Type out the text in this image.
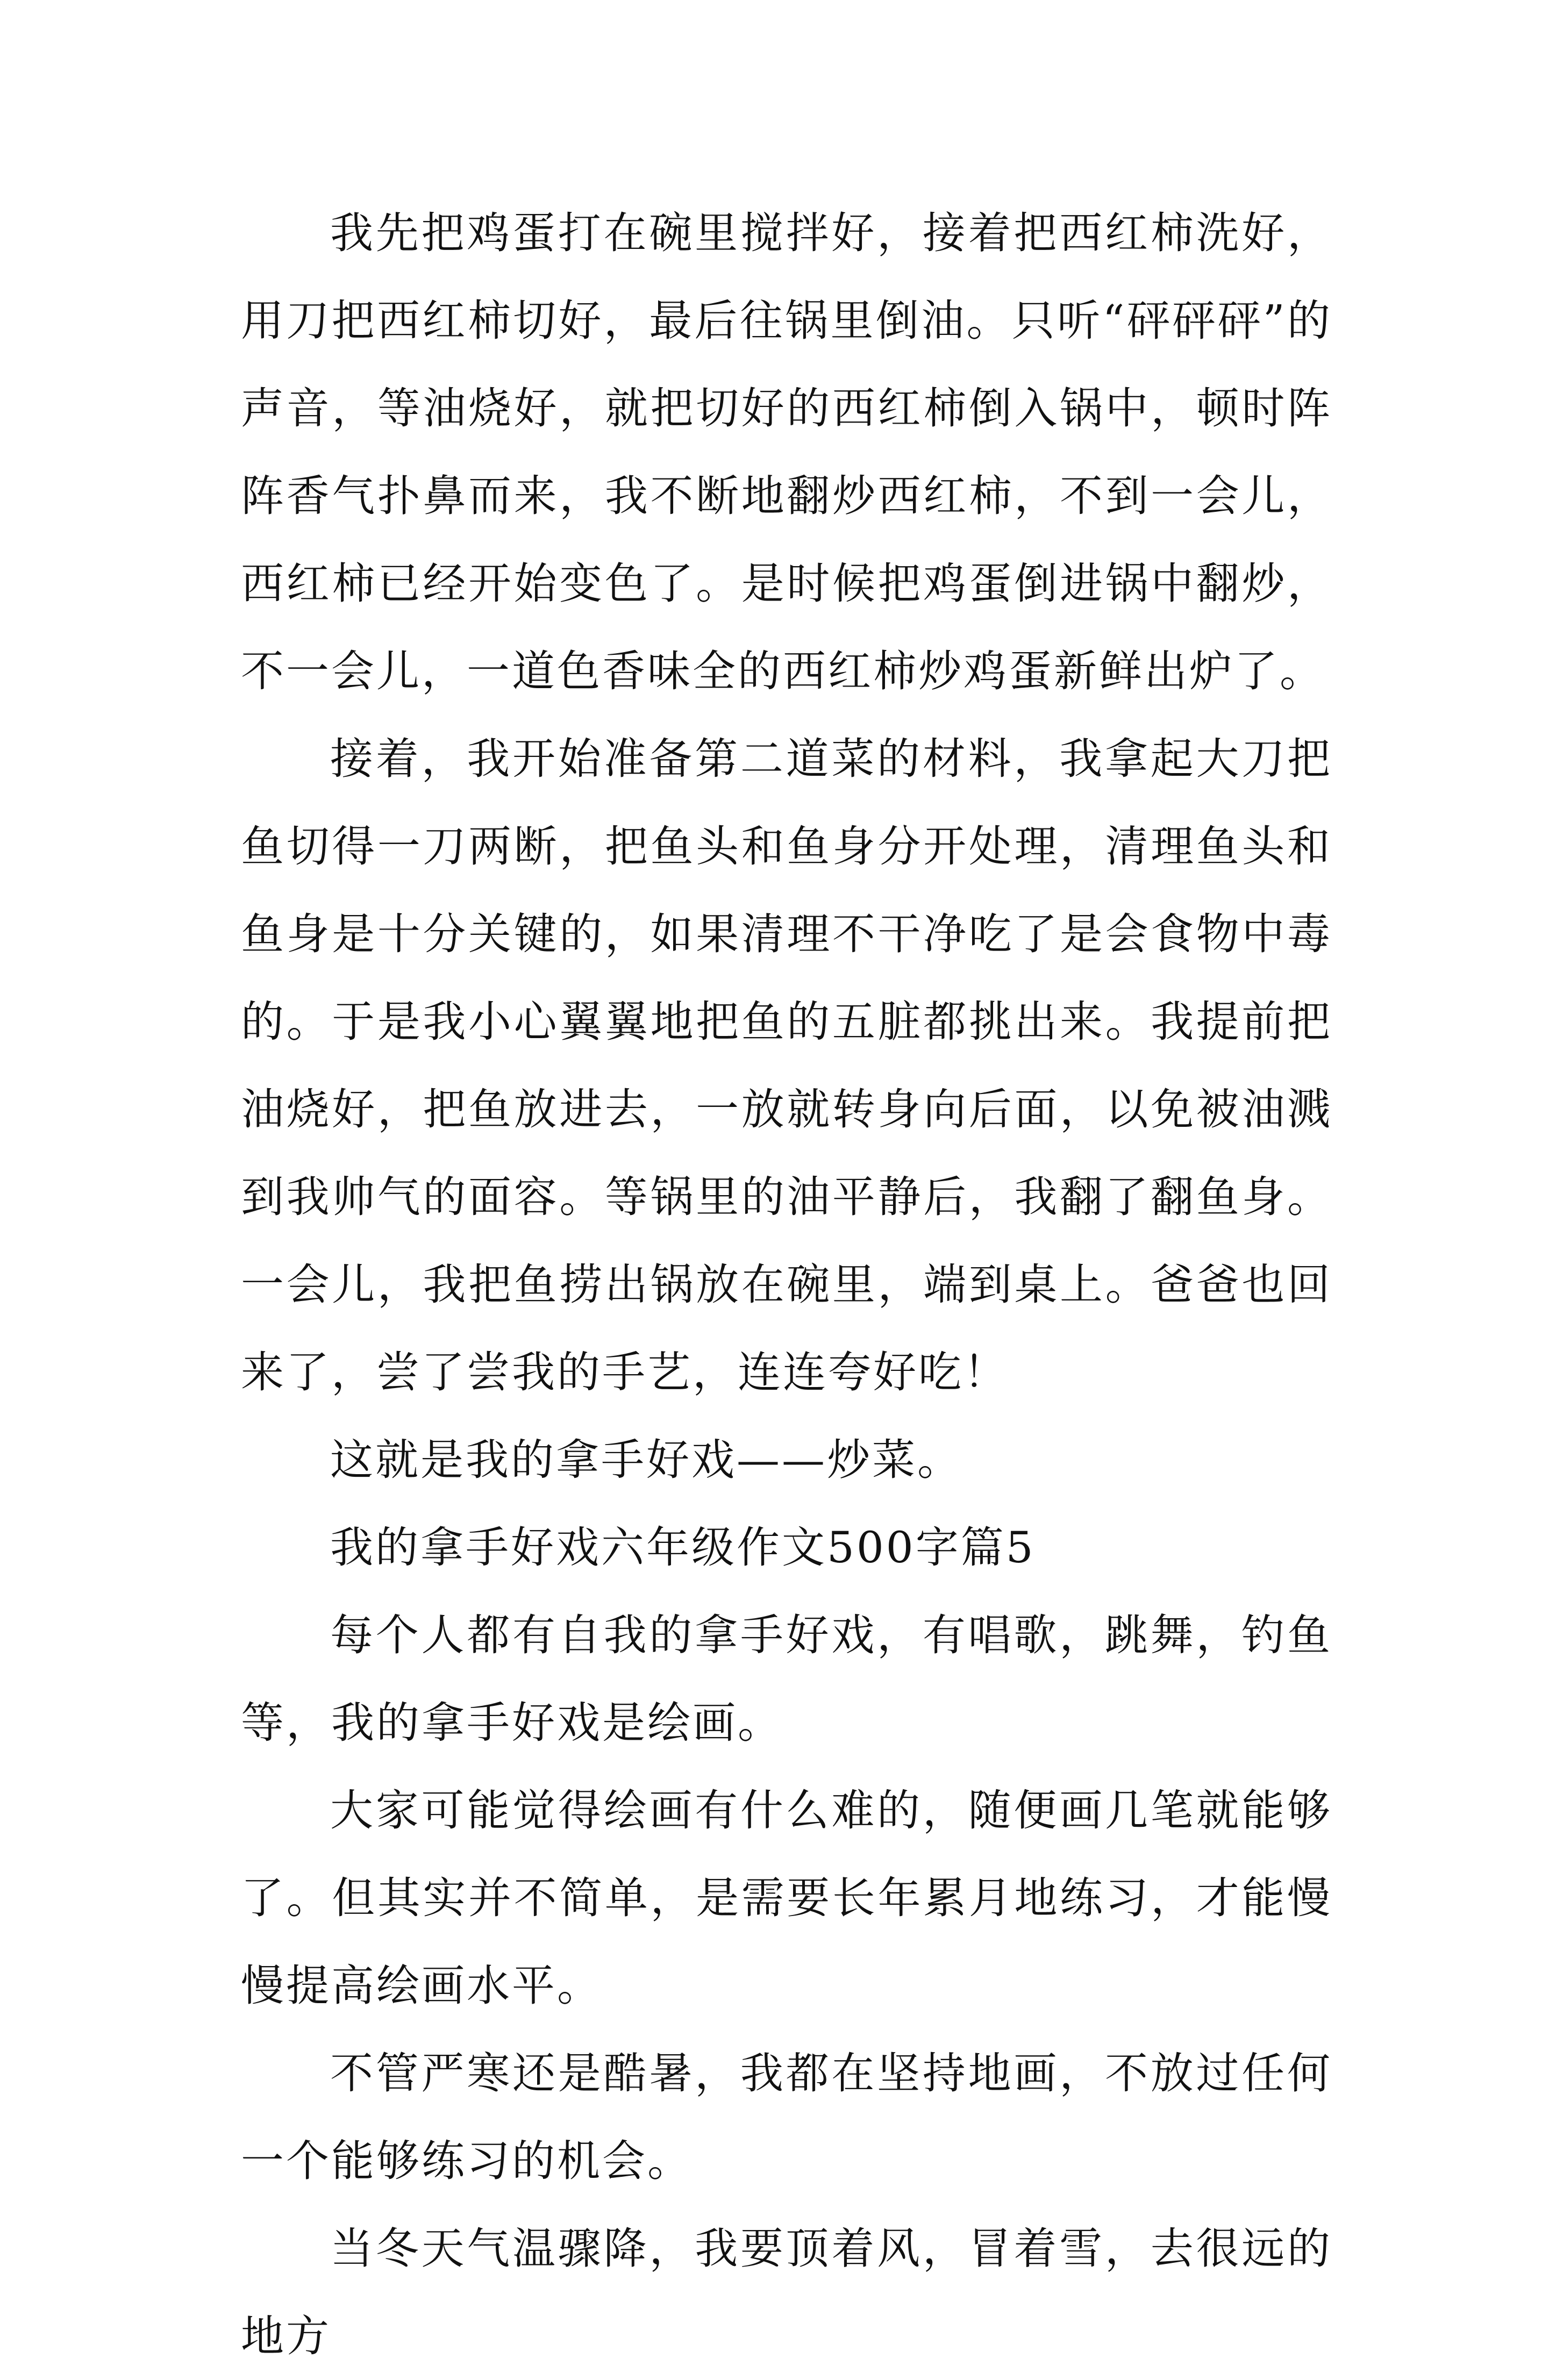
我先把鸡蛋打在碗里搅拌好，接着把西红柿洗好，用刀把西红柿切好，最后往锅里倒油。只听“砰砰砰”的声音，等油烧好，就把切好的西红柿倒入锅中，顿时阵阵香气扑鼻而来，我不断地翻炒西红柿，不到一会儿，西红柿已经开始变色了。是时候把鸡蛋倒进锅中翻炒，不一会儿，一道色香味全的西红柿炒鸡蛋新鲜出炉了。

接着，我开始准备第二道菜的材料，我拿起大刀把鱼切得一刀两断，把鱼头和鱼身分开处理，清理鱼头和鱼身是十分关键的，如果清理不干净吃了是会食物中毒的。于是我小心翼翼地把鱼的五脏都挑出来。我提前把油烧好，把鱼放进去，一放就转身向后面，以免被油溅到我帅气的面容。等锅里的油平静后，我翻了翻鱼身。一会儿，我把鱼捞出锅放在碗里，端到桌上。爸爸也回来了，尝了尝我的手艺，连连夸好吃！

这就是我的拿手好戏——炒菜。

我的拿手好戏六年级作文500字篇5

每个人都有自我的拿手好戏，有唱歌，跳舞，钓鱼等，我的拿手好戏是绘画。

大家可能觉得绘画有什么难的，随便画几笔就能够了。但其实并不简单，是需要长年累月地练习，才能慢慢提高绘画水平。

不管严寒还是酷暑，我都在坚持地画，不放过任何一个能够练习的机会。

当冬天气温骤降，我要顶着风，冒着雪，去很远的地方
